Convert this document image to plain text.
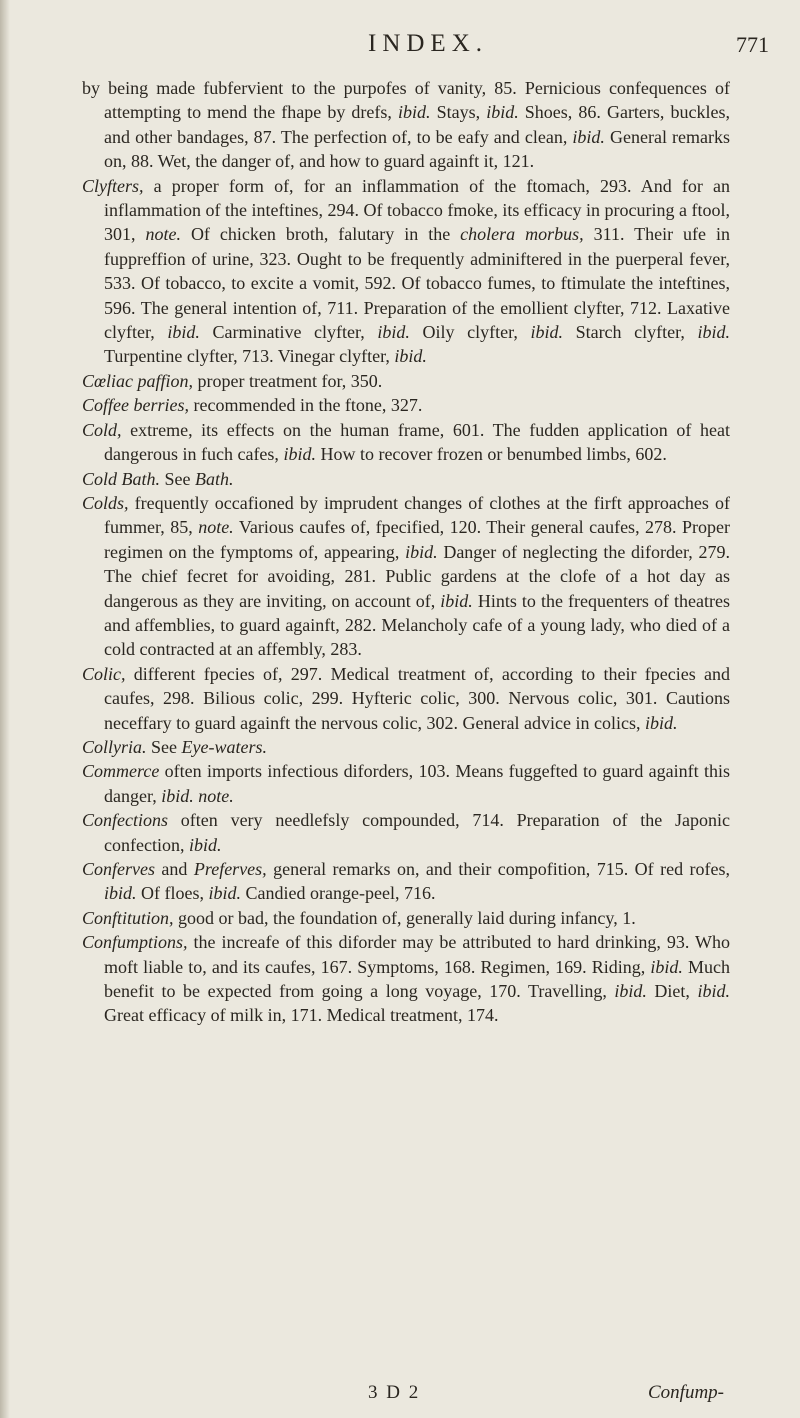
INDEX.	771

by being made fubfervient to the purpofes of vanity, 85. Pernicious confequences of attempting to mend the fhape by drefs, ibid. Stays, ibid. Shoes, 86. Garters, buckles, and other bandages, 87. The perfection of, to be eafy and clean, ibid. General remarks on, 88. Wet, the danger of, and how to guard againft it, 121.

Clyfters, a proper form of, for an inflammation of the ftomach, 293. And for an inflammation of the inteftines, 294. Of tobacco fmoke, its efficacy in procuring a ftool, 301, note. Of chicken broth, falutary in the cholera morbus, 311. Their ufe in fuppreffion of urine, 323. Ought to be frequently adminiftered in the puerperal fever, 533. Of tobacco, to excite a vomit, 592. Of tobacco fumes, to ftimulate the inteftines, 596. The general intention of, 711. Preparation of the emollient clyfter, 712. Laxative clyfter, ibid. Carminative clyfter, ibid. Oily clyfter, ibid. Starch clyfter, ibid. Turpentine clyfter, 713. Vinegar clyfter, ibid.

Cœliac paffion, proper treatment for, 350.

Coffee berries, recommended in the ftone, 327.

Cold, extreme, its effects on the human frame, 601. The fudden application of heat dangerous in fuch cafes, ibid. How to recover frozen or benumbed limbs, 602.

Cold Bath. See Bath.

Colds, frequently occafioned by imprudent changes of clothes at the firft approaches of fummer, 85, note. Various caufes of, fpecified, 120. Their general caufes, 278. Proper regimen on the fymptoms of, appearing, ibid. Danger of neglecting the diforder, 279. The chief fecret for avoiding, 281. Public gardens at the clofe of a hot day as dangerous as they are inviting, on account of, ibid. Hints to the frequenters of theatres and affemblies, to guard againft, 282. Melancholy cafe of a young lady, who died of a cold contracted at an affembly, 283.

Colic, different fpecies of, 297. Medical treatment of, according to their fpecies and caufes, 298. Bilious colic, 299. Hyfteric colic, 300. Nervous colic, 301. Cautions neceffary to guard againft the nervous colic, 302. General advice in colics, ibid.

Collyria. See Eye-waters.

Commerce often imports infectious diforders, 103. Means fuggefted to guard againft this danger, ibid. note.

Confections often very needlefsly compounded, 714. Preparation of the Japonic confection, ibid.

Conferves and Preferves, general remarks on, and their compofition, 715. Of red rofes, ibid. Of floes, ibid. Candied orange-peel, 716.

Conftitution, good or bad, the foundation of, generally laid during infancy, 1.

Confumptions, the increafe of this diforder may be attributed to hard drinking, 93. Who moft liable to, and its caufes, 167. Symptoms, 168. Regimen, 169. Riding, ibid. Much benefit to be expected from going a long voyage, 170. Travelling, ibid. Diet, ibid. Great efficacy of milk in, 171. Medical treatment, 174.

3 D 2	Confump-
